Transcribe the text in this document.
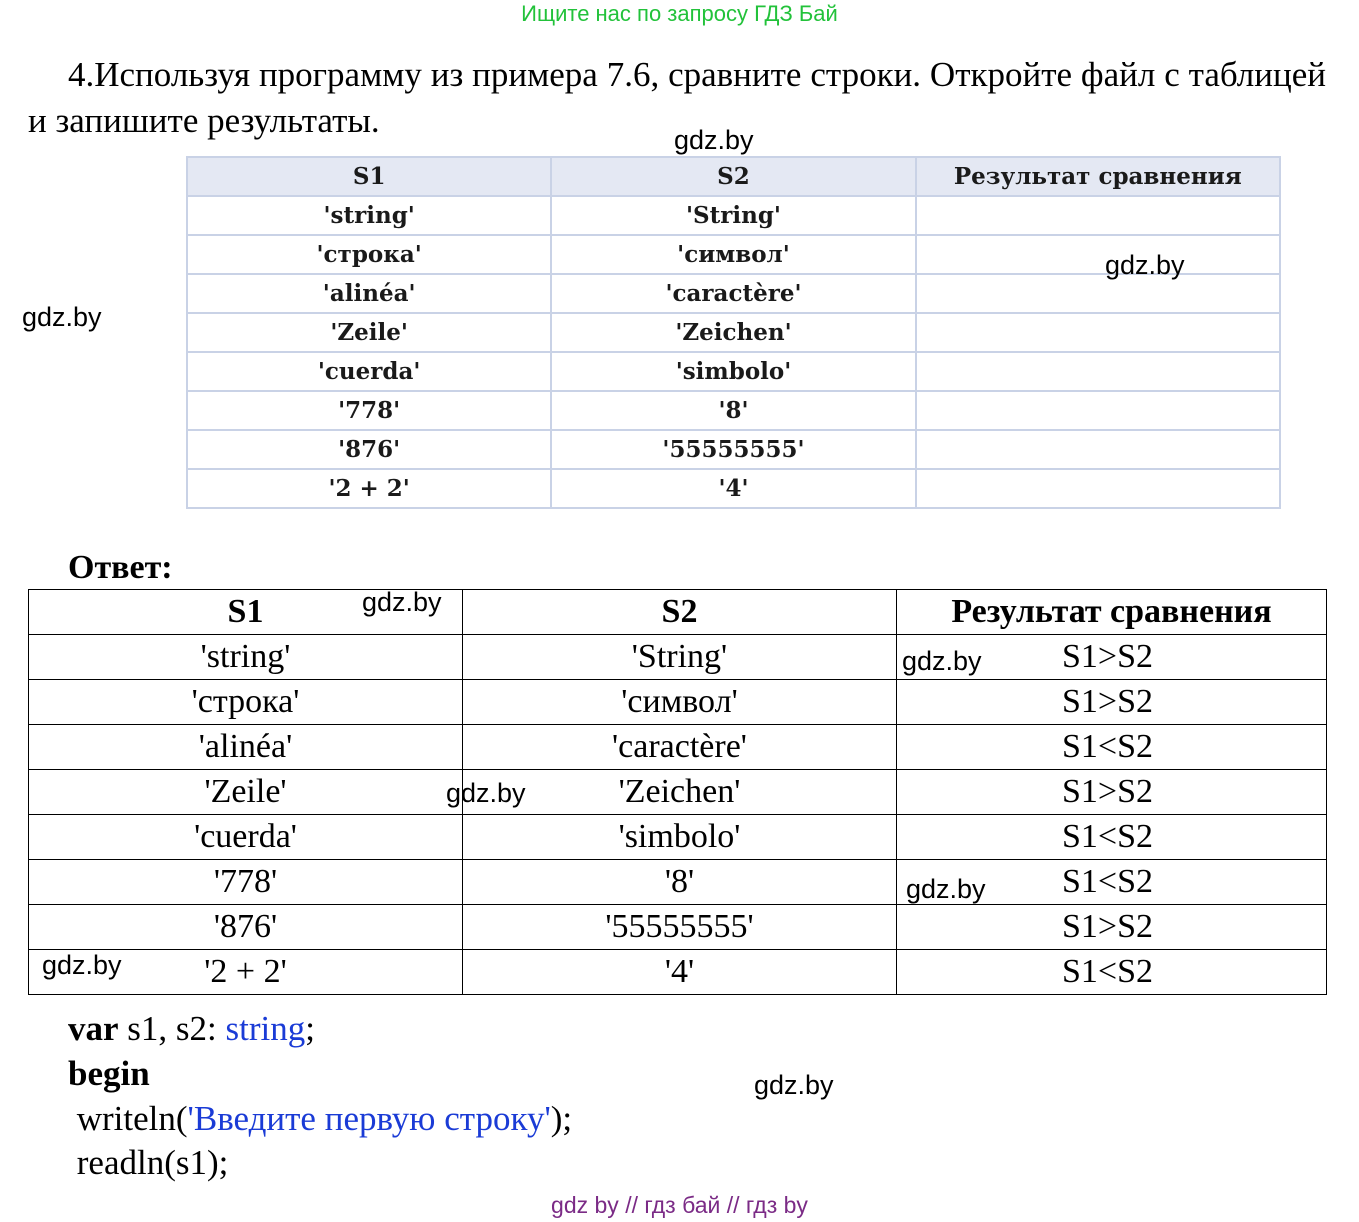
Ищите нас по запросу ГДЗ Бай
4.Используя программу из примера 7.6, сравните строки. Откройте файл с таблицей и запишите результаты.
S1	S2	Результат сравнения
'string'	'String'	
'строка'	'символ'	
'alinéa'	'caractère'	
'Zeile'	'Zeichen'	
'cuerda'	'simbolo'	
'778'	'8'	
'876'	'55555555'	
'2 + 2'	'4'	
Ответ:
S1	S2	Результат сравнения
'string'	'String'	S1>S2
'строка'	'символ'	S1>S2
'alinéa'	'caractère'	S1<S2
'Zeile'	'Zeichen'	S1>S2
'cuerda'	'simbolo'	S1<S2
'778'	'8'	S1<S2
'876'	'55555555'	S1>S2
'2 + 2'	'4'	S1<S2
var s1, s2: string;
begin
writeln('Введите первую строку');
readln(s1);
gdz.by
gdz.by
gdz.by
gdz.by
gdz.by
gdz.by
gdz.by
gdz.by
gdz.by
gdz by // гдз бай // гдз by
